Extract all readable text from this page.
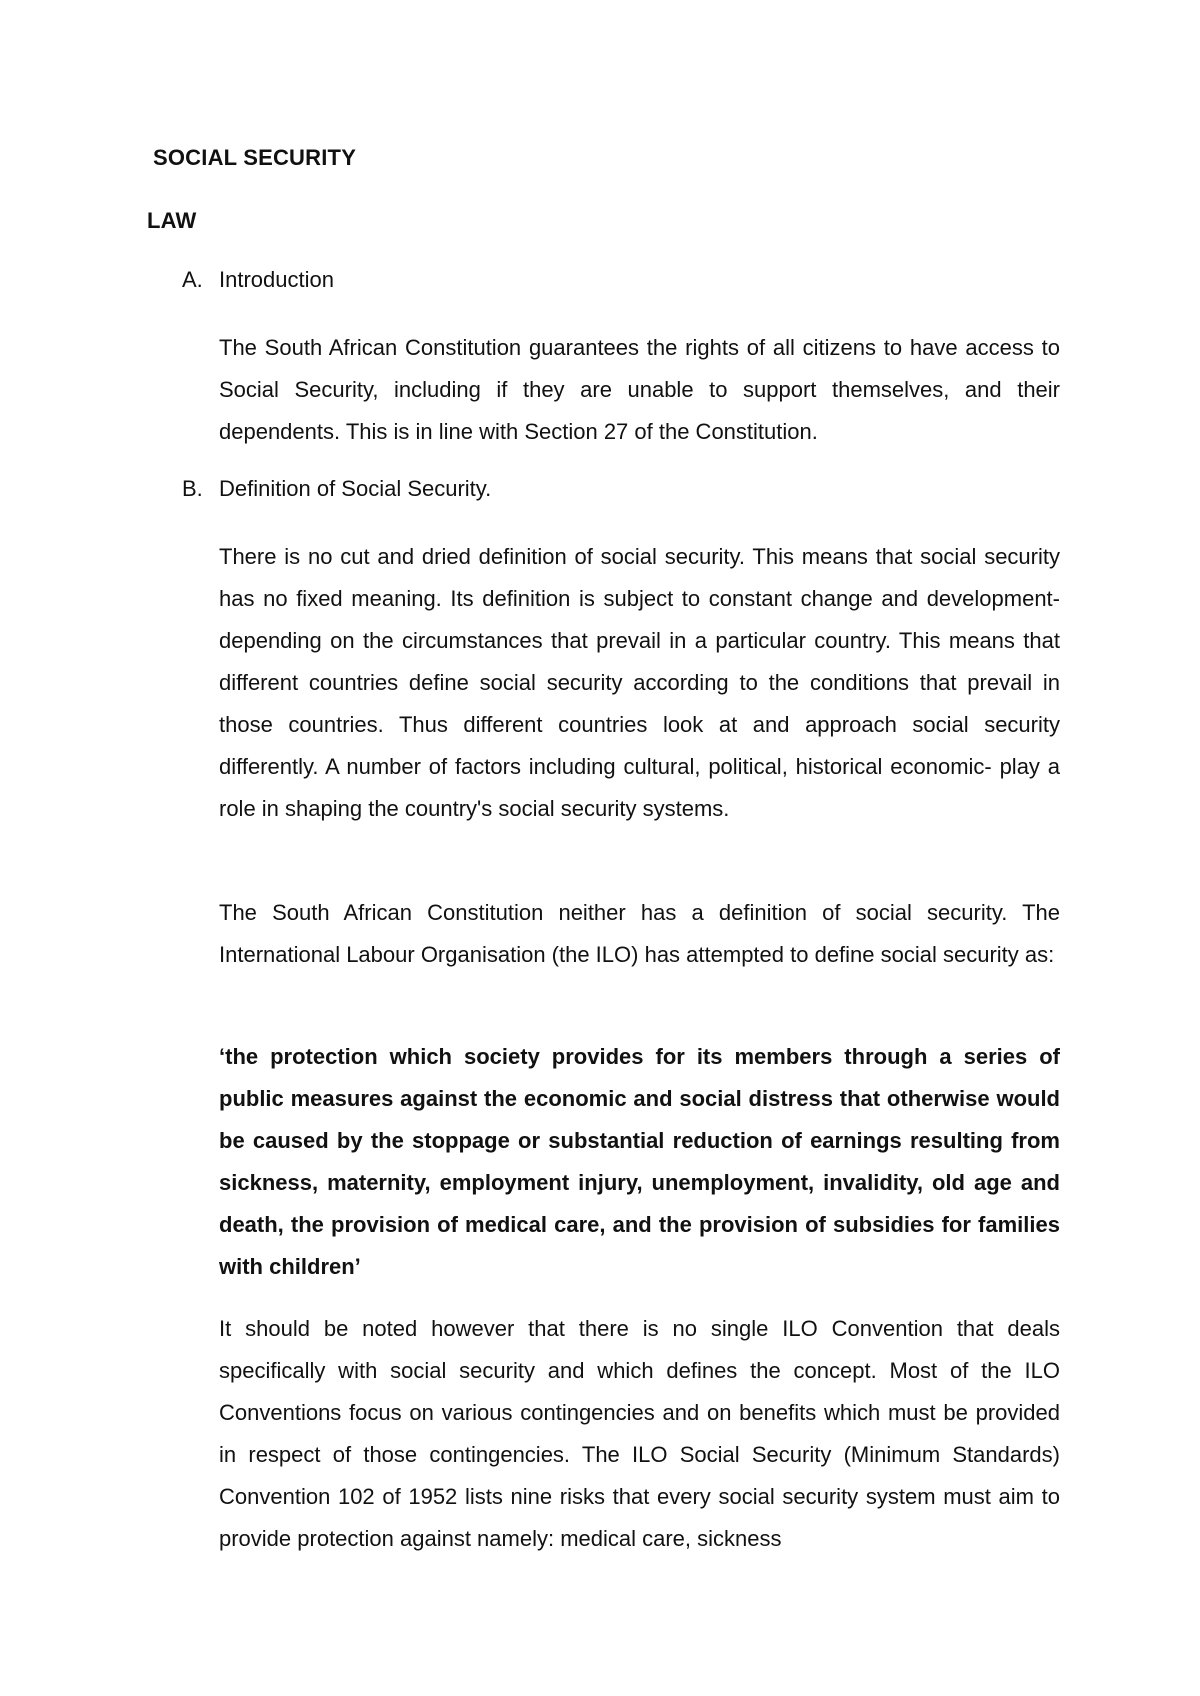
SOCIAL SECURITY
LAW
A. Introduction

The South African Constitution guarantees the rights of all citizens to have access to Social Security, including if they are unable to support themselves, and their dependents. This is in line with Section 27 of the Constitution.

B. Definition of Social Security.

There is no cut and dried definition of social security. This means that social security has no fixed meaning. Its definition is subject to constant change and development-depending on the circumstances that prevail in a particular country. This means that different countries define social security according to the conditions that prevail in those countries. Thus different countries look at and approach social security differently. A number of factors including cultural, political, historical economic- play a role in shaping the country's social security systems.

The South African Constitution neither has a definition of social security. The International Labour Organisation (the ILO) has attempted to define social security as:

‘the protection which society provides for its members through a series of public measures against the economic and social distress that otherwise would be caused by the stoppage or substantial reduction of earnings resulting from sickness, maternity, employment injury, unemployment, invalidity, old age and death, the provision of medical care, and the provision of subsidies for families with children’

It should be noted however that there is no single ILO Convention that deals specifically with social security and which defines the concept. Most of the ILO Conventions focus on various contingencies and on benefits which must be provided in respect of those contingencies. The ILO Social Security (Minimum Standards) Convention 102 of 1952 lists nine risks that every social security system must aim to provide protection against namely: medical care, sickness
